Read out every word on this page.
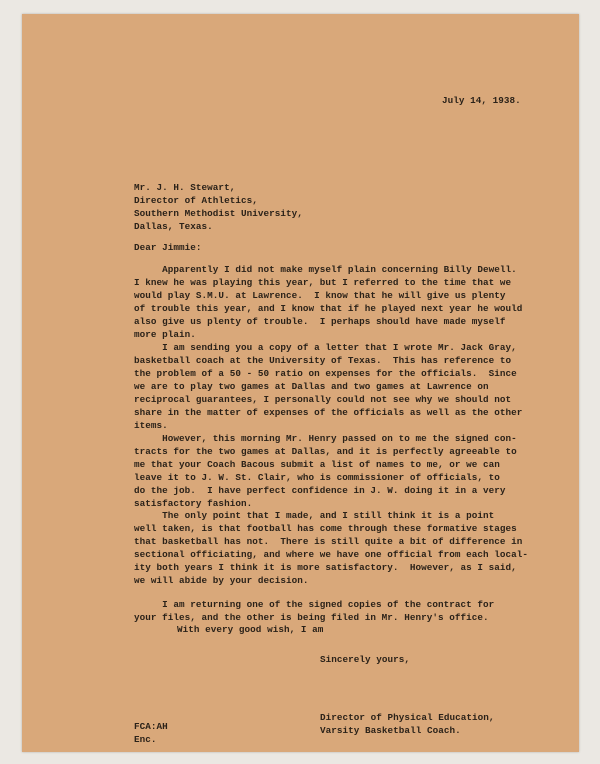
July 14, 1938.
Mr. J. H. Stewart,
Director of Athletics,
Southern Methodist University,
Dallas, Texas.
Dear Jimmie:
Apparently I did not make myself plain concerning Billy Dewell.
I knew he was playing this year, but I referred to the time that we
would play S.M.U. at Lawrence.  I know that he will give us plenty
of trouble this year, and I know that if he played next year he would
also give us plenty of trouble.  I perhaps should have made myself
more plain.
I am sending you a copy of a letter that I wrote Mr. Jack Gray,
basketball coach at the University of Texas.  This has reference to
the problem of a 50 - 50 ratio on expenses for the officials.  Since
we are to play two games at Dallas and two games at Lawrence on
reciprocal guarantees, I personally could not see why we should not
share in the matter of expenses of the officials as well as the other
items.
However, this morning Mr. Henry passed on to me the signed con-
tracts for the two games at Dallas, and it is perfectly agreeable to
me that your Coach Bacous submit a list of names to me, or we can
leave it to J. W. St. Clair, who is commissioner of officials, to
do the job.  I have perfect confidence in J. W. doing it in a very
satisfactory fashion.
The only point that I made, and I still think it is a point
well taken, is that football has come through these formative stages
that basketball has not.  There is still quite a bit of difference in
sectional officiating, and where we have one official from each local-
ity both years I think it is more satisfactory.  However, as I said,
we will abide by your decision.
I am returning one of the signed copies of the contract for
your files, and the other is being filed in Mr. Henry's office.
With every good wish, I am
Sincerely yours,
Director of Physical Education,
Varsity Basketball Coach.
FCA:AH
Enc.
